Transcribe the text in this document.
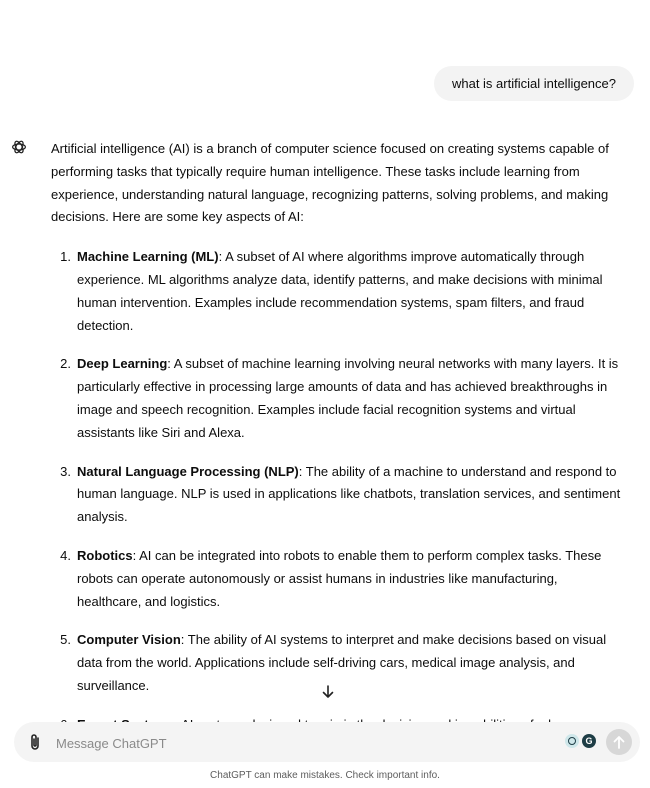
what is artificial intelligence?

Artificial intelligence (AI) is a branch of computer science focused on creating systems capable of performing tasks that typically require human intelligence. These tasks include learning from experience, understanding natural language, recognizing patterns, solving problems, and making decisions. Here are some key aspects of AI:

1. Machine Learning (ML): A subset of AI where algorithms improve automatically through experience. ML algorithms analyze data, identify patterns, and make decisions with minimal human intervention. Examples include recommendation systems, spam filters, and fraud detection.
2. Deep Learning: A subset of machine learning involving neural networks with many layers. It is particularly effective in processing large amounts of data and has achieved breakthroughs in image and speech recognition. Examples include facial recognition systems and virtual assistants like Siri and Alexa.
3. Natural Language Processing (NLP): The ability of a machine to understand and respond to human language. NLP is used in applications like chatbots, translation services, and sentiment analysis.
4. Robotics: AI can be integrated into robots to enable them to perform complex tasks. These robots can operate autonomously or assist humans in industries like manufacturing, healthcare, and logistics.
5. Computer Vision: The ability of AI systems to interpret and make decisions based on visual data from the world. Applications include self-driving cars, medical image analysis, and surveillance.
Message ChatGPT
G
ChatGPT can make mistakes. Check important info.
